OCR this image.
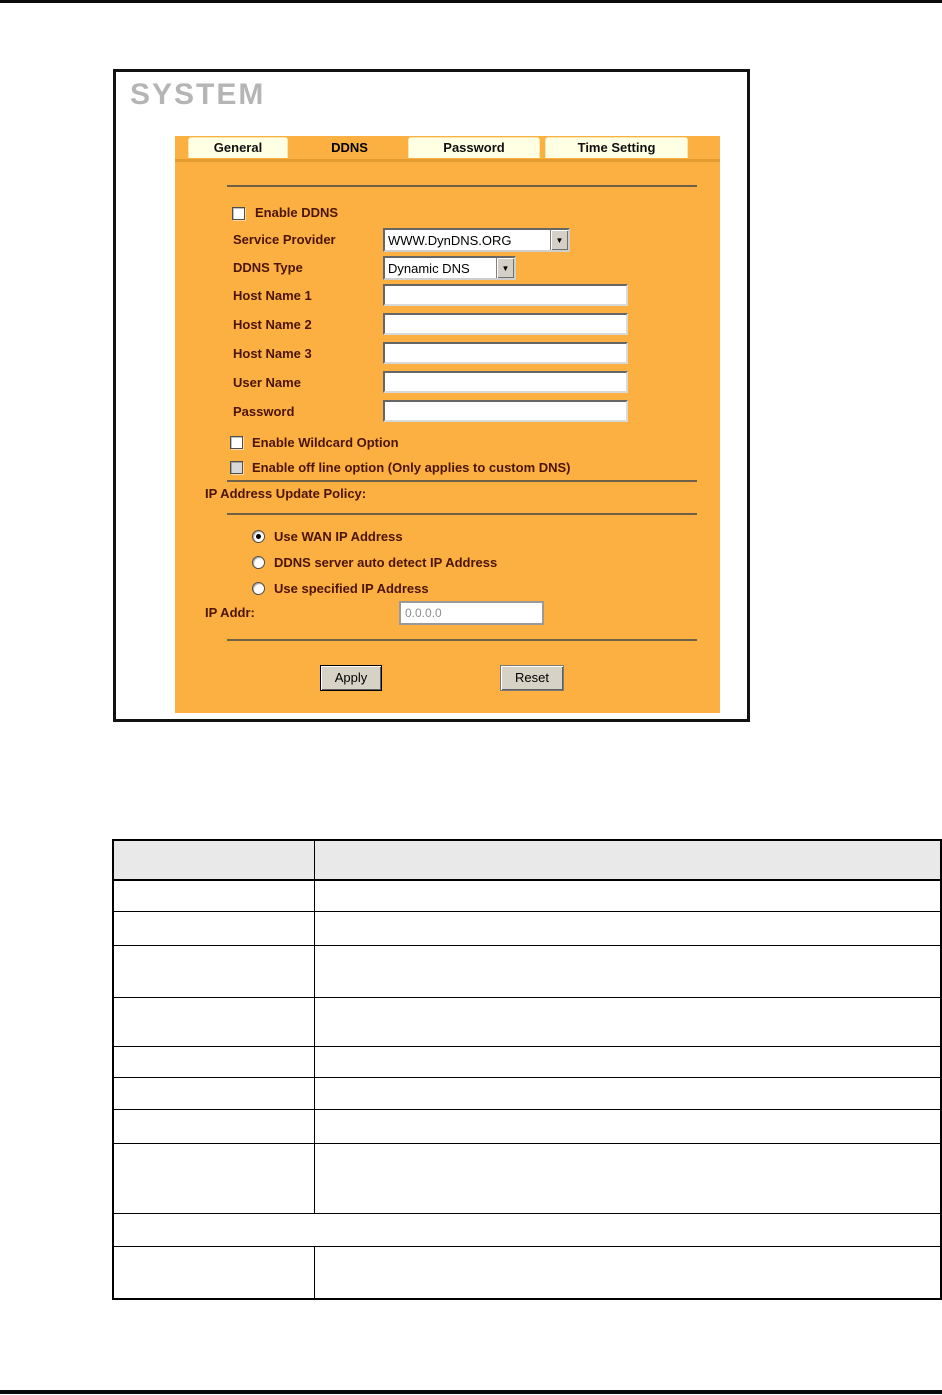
SYSTEM
General	DDNS	Password	Time Setting
Enable DDNS
Service Provider	WWW.DynDNS.ORG	▼
DDNS Type	Dynamic DNS	▼
Host Name 1
Host Name 2
Host Name 3
User Name
Password
Enable Wildcard Option
Enable off line option (Only applies to custom DNS)
IP Address Update Policy:
Use WAN IP Address
DDNS server auto detect IP Address
Use specified IP Address
IP Addr:	0.0.0.0
Apply	Reset
